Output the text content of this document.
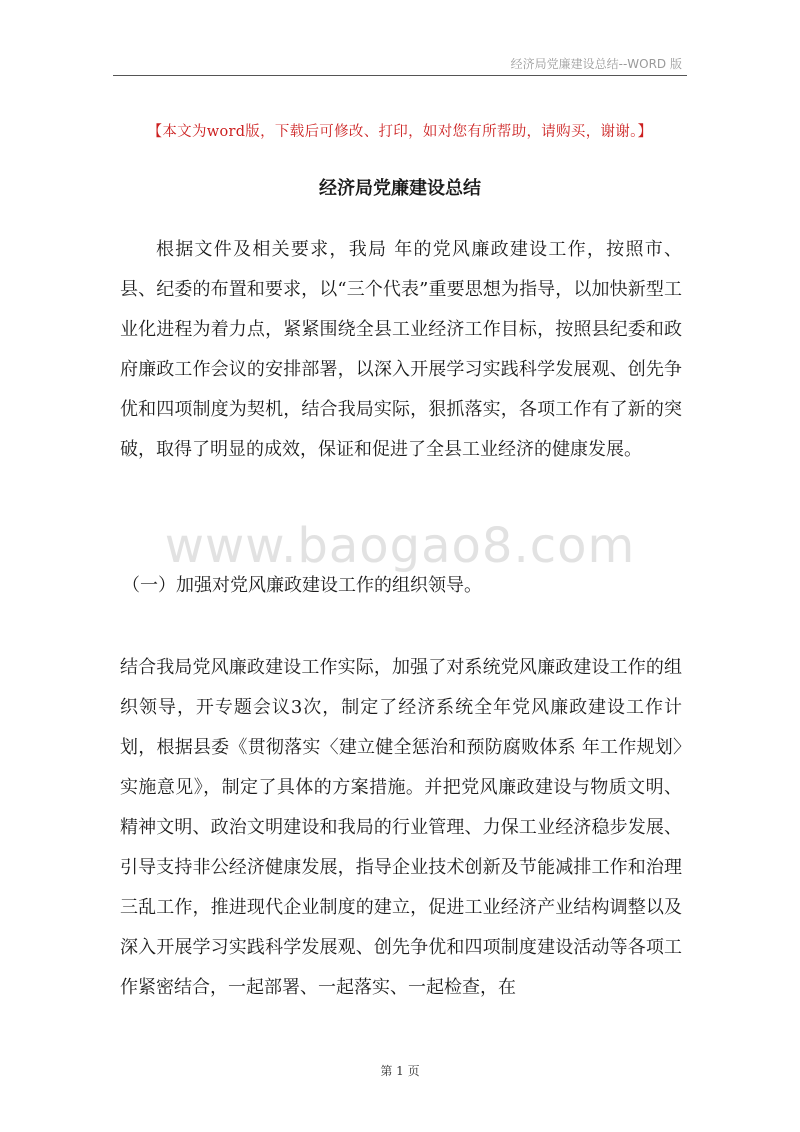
经济局党廉建设总结--WORD 版
【本文为word版，下载后可修改、打印，如对您有所帮助，请购买，谢谢。】
经济局党廉建设总结

根据文件及相关要求，我局 年的党风廉政建设工作，按照市、县、纪委的布置和要求，以“三个代表”重要思想为指导，以加快新型工业化进程为着力点，紧紧围绕全县工业经济工作目标，按照县纪委和政府廉政工作会议的安排部署，以深入开展学习实践科学发展观、创先争优和四项制度为契机，结合我局实际，狠抓落实，各项工作有了新的突破，取得了明显的成效，保证和促进了全县工业经济的健康发展。

www.baogao8.com

（一）加强对党风廉政建设工作的组织领导。

结合我局党风廉政建设工作实际，加强了对系统党风廉政建设工作的组织领导，开专题会议3次，制定了经济系统全年党风廉政建设工作计划，根据县委《贯彻落实〈建立健全惩治和预防腐败体系 年工作规划〉实施意见》，制定了具体的方案措施。并把党风廉政建设与物质文明、精神文明、政治文明建设和我局的行业管理、力保工业经济稳步发展、引导支持非公经济健康发展，指导企业技术创新及节能减排工作和治理三乱工作，推进现代企业制度的建立，促进工业经济产业结构调整以及深入开展学习实践科学发展观、创先争优和四项制度建设活动等各项工作紧密结合，一起部署、一起落实、一起检查，在

第 1 页
